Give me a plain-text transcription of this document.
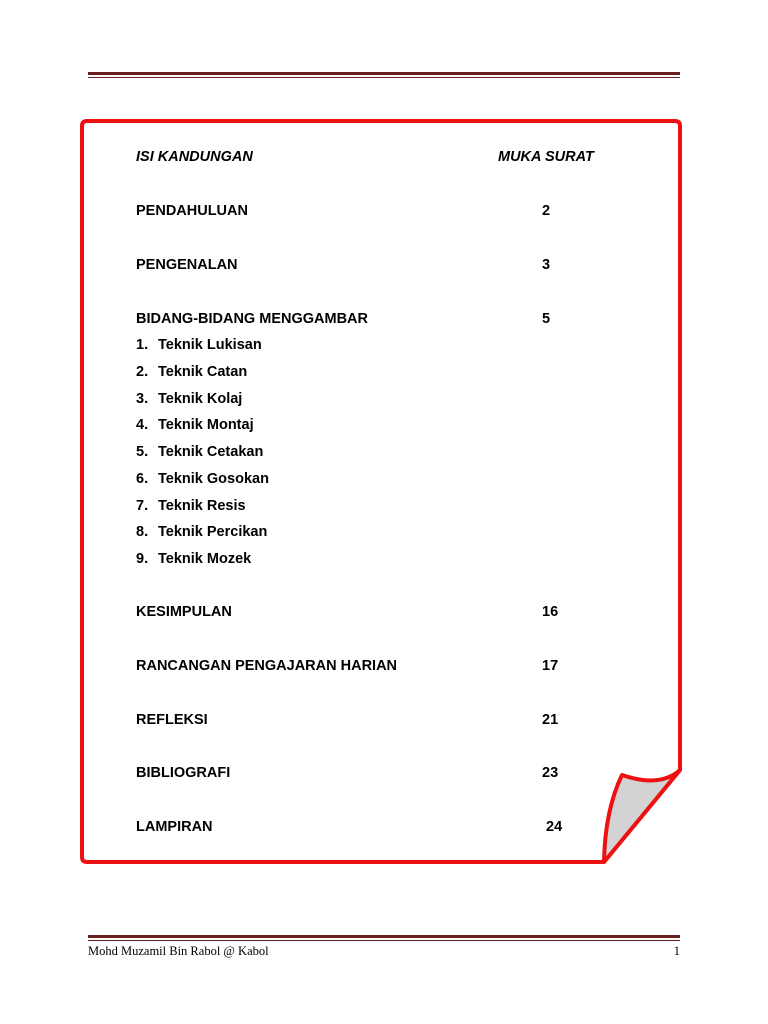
ISI KANDUNGAN	MUKA SURAT
PENDAHULUAN	2
PENGENALAN	3
BIDANG-BIDANG MENGGAMBAR	5
1. Teknik Lukisan
2. Teknik Catan
3. Teknik Kolaj
4. Teknik Montaj
5. Teknik Cetakan
6. Teknik Gosokan
7. Teknik Resis
8. Teknik Percikan
9. Teknik Mozek
KESIMPULAN	16
RANCANGAN PENGAJARAN HARIAN	17
REFLEKSI	21
BIBLIOGRAFI	23
LAMPIRAN	24
Mohd Muzamil Bin Rabol @ Kabol	1
